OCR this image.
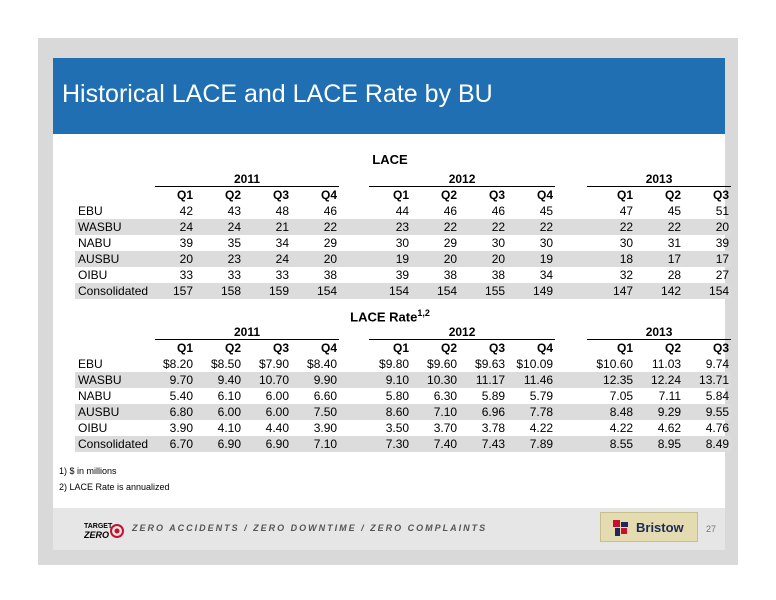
Historical LACE and LACE Rate by BU
LACE
	2011					2012					2013		
	Q1	Q2	Q3	Q4		Q1	Q2	Q3	Q4		Q1	Q2	Q3
EBU	42	43	48	46		44	46	46	45		47	45	51
WASBU	24	24	21	22		23	22	22	22		22	22	20
NABU	39	35	34	29		30	29	30	30		30	31	39
AUSBU	20	23	24	20		19	20	20	19		18	17	17
OIBU	33	33	33	38		39	38	38	34		32	28	27
Consolidated	157	158	159	154		154	154	155	149		147	142	154
LACE Rate$^{1,2}$
	2011					2012					2013		
	Q1	Q2	Q3	Q4		Q1	Q2	Q3	Q4		Q1	Q2	Q3
EBU	$8.20	$8.50	$7.90	$8.40		$9.80	$9.60	$9.63	$10.09		$10.60	11.03	9.74
WASBU	9.70	9.40	10.70	9.90		9.10	10.30	11.17	11.46		12.35	12.24	13.71
NABU	5.40	6.10	6.00	6.60		5.80	6.30	5.89	5.79		7.05	7.11	5.84
AUSBU	6.80	6.00	6.00	7.50		8.60	7.10	6.96	7.78		8.48	9.29	9.55
OIBU	3.90	4.10	4.40	3.90		3.50	3.70	3.78	4.22		4.22	4.62	4.76
Consolidated	6.70	6.90	6.90	7.10		7.30	7.40	7.43	7.89		8.55	8.95	8.49
1) $ in millions
2) LACE Rate is annualized
TARGET
ZERO
ZERO ACCIDENTS / ZERO DOWNTIME / ZERO COMPLAINTS	Bristow 27
